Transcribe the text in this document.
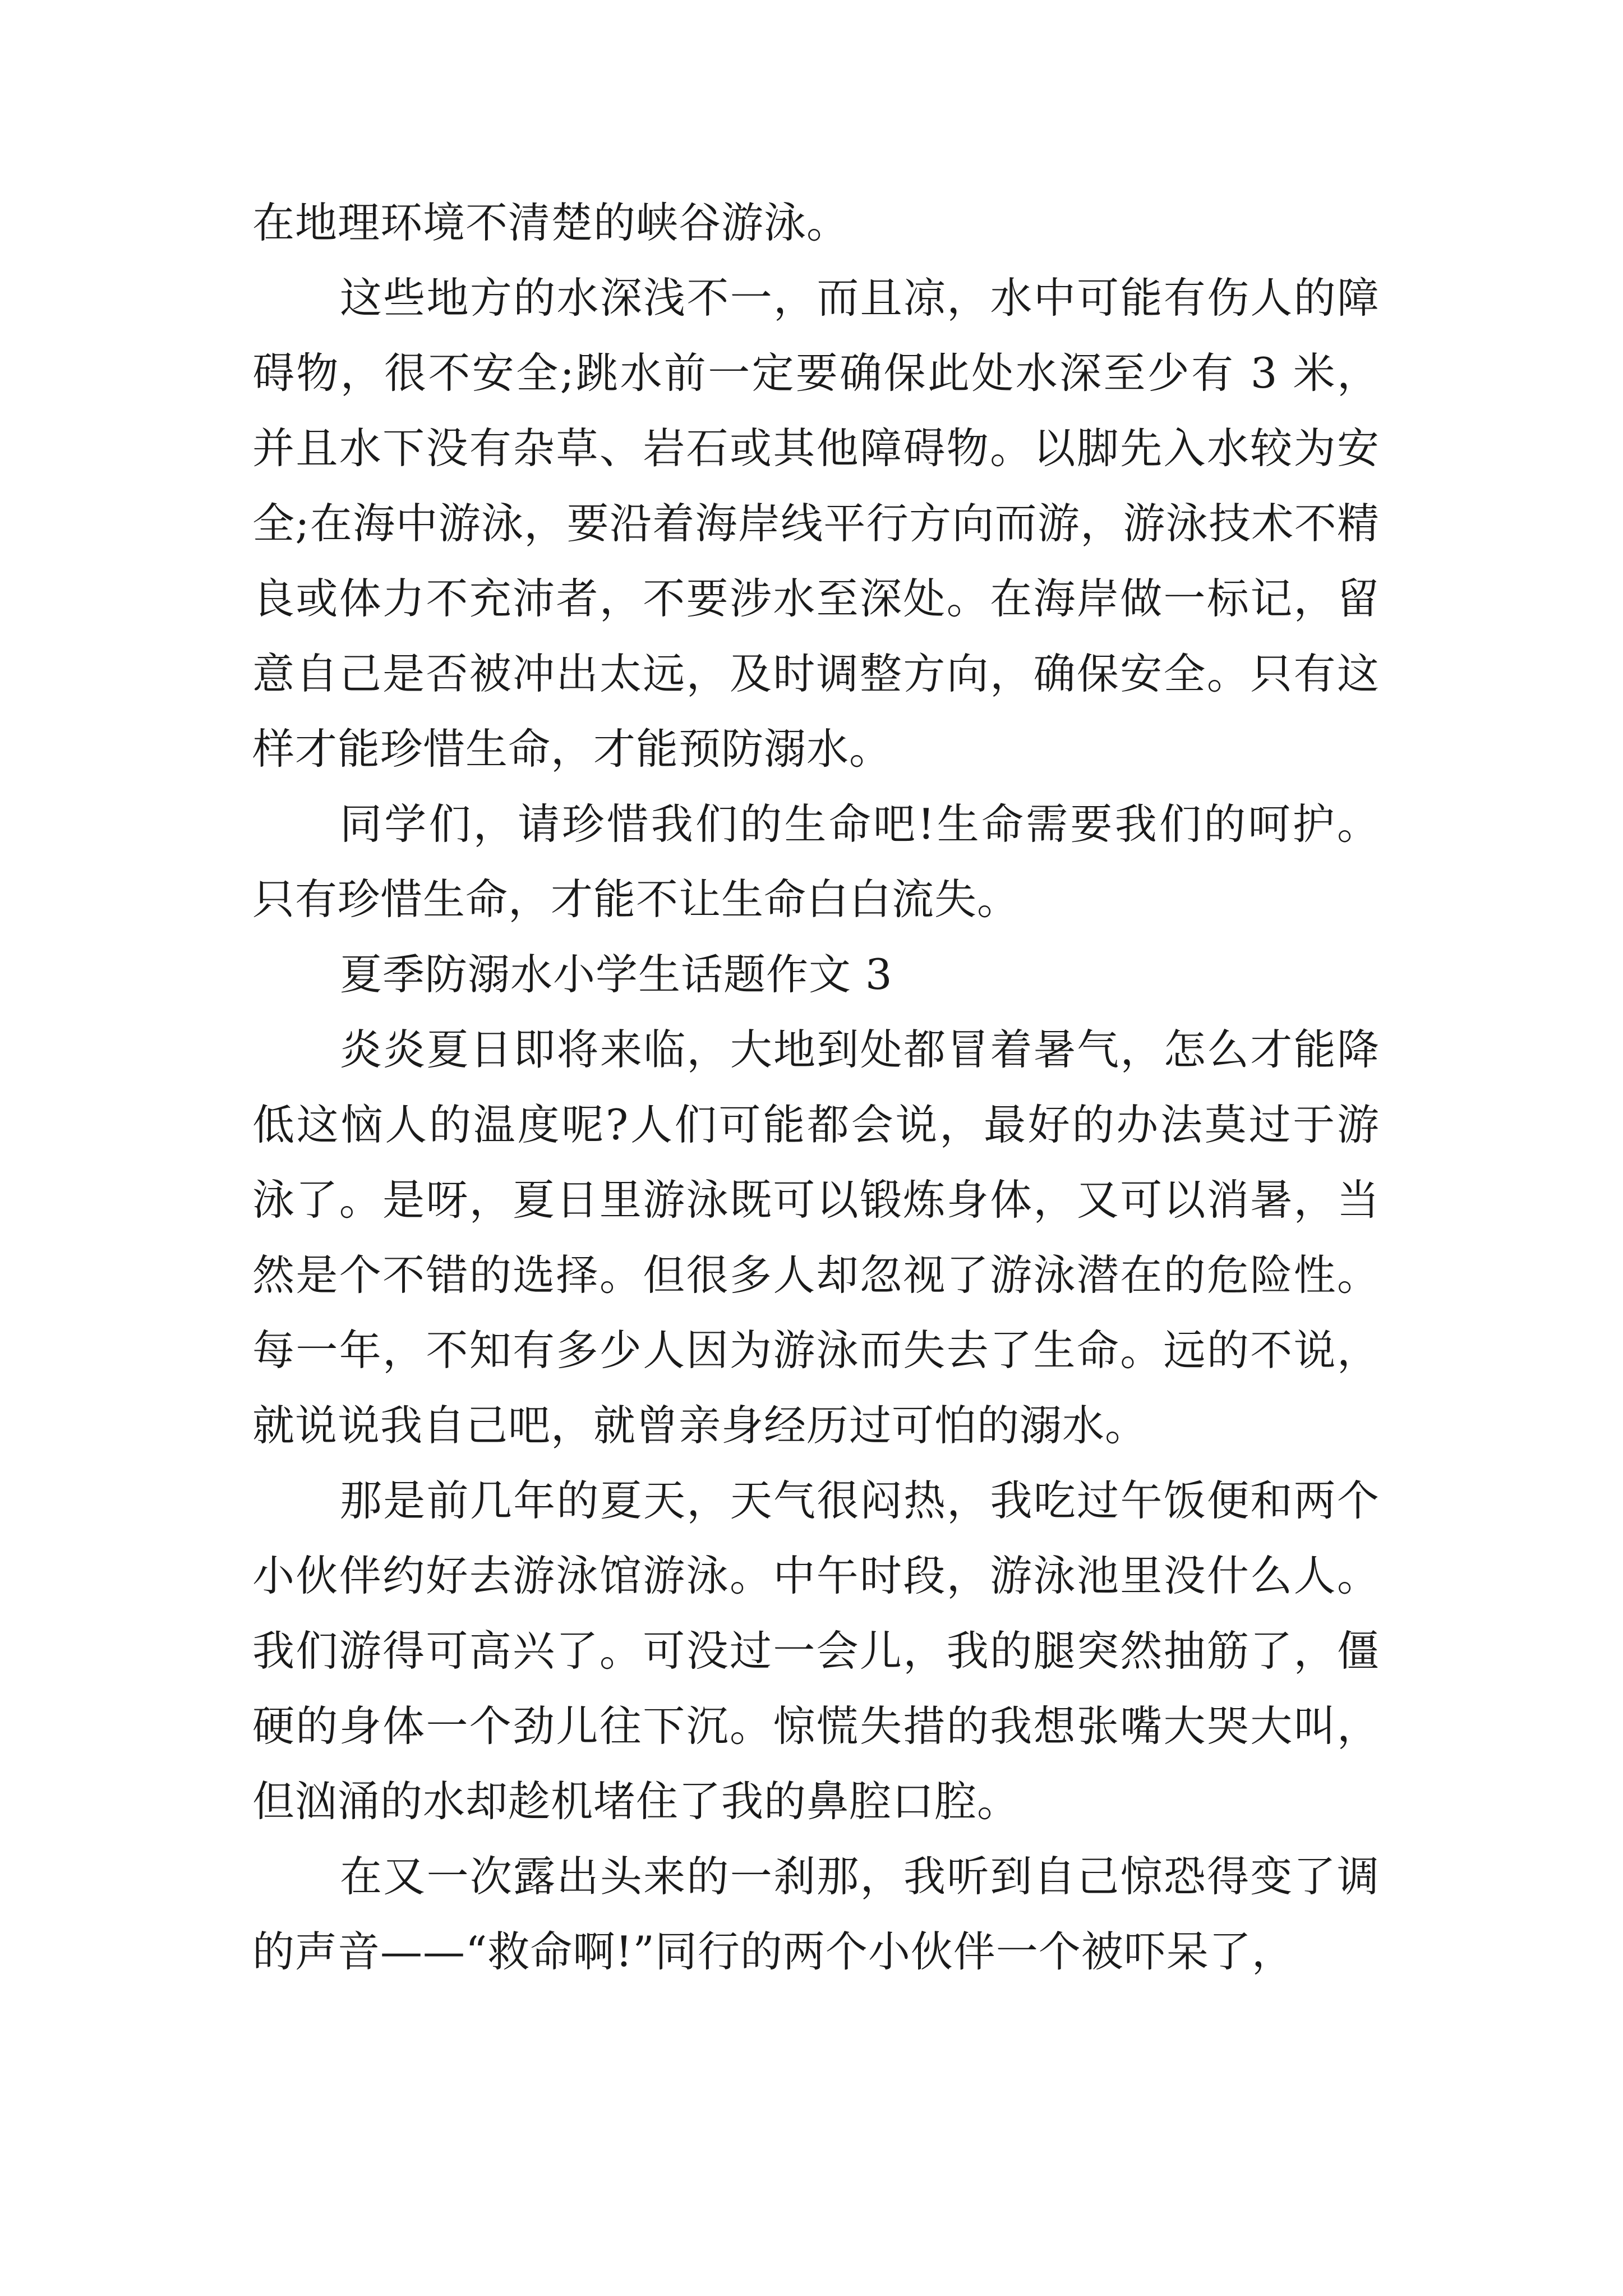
在地理环境不清楚的峡谷游泳。

这些地方的水深浅不一，而且凉，水中可能有伤人的障碍物，很不安全;跳水前一定要确保此处水深至少有 3 米，并且水下没有杂草、岩石或其他障碍物。以脚先入水较为安全;在海中游泳，要沿着海岸线平行方向而游，游泳技术不精良或体力不充沛者，不要涉水至深处。在海岸做一标记，留意自己是否被冲出太远，及时调整方向，确保安全。只有这样才能珍惜生命，才能预防溺水。

同学们，请珍惜我们的生命吧!生命需要我们的呵护。只有珍惜生命，才能不让生命白白流失。

夏季防溺水小学生话题作文 3

炎炎夏日即将来临，大地到处都冒着暑气，怎么才能降低这恼人的温度呢?人们可能都会说，最好的办法莫过于游泳了。是呀，夏日里游泳既可以锻炼身体，又可以消暑，当然是个不错的选择。但很多人却忽视了游泳潜在的危险性。每一年，不知有多少人因为游泳而失去了生命。远的不说，就说说我自己吧，就曾亲身经历过可怕的溺水。

那是前几年的夏天，天气很闷热，我吃过午饭便和两个小伙伴约好去游泳馆游泳。中午时段，游泳池里没什么人。我们游得可高兴了。可没过一会儿，我的腿突然抽筋了，僵硬的身体一个劲儿往下沉。惊慌失措的我想张嘴大哭大叫，但汹涌的水却趁机堵住了我的鼻腔口腔。

在又一次露出头来的一刹那，我听到自己惊恐得变了调的声音——“救命啊!”同行的两个小伙伴一个被吓呆了，
